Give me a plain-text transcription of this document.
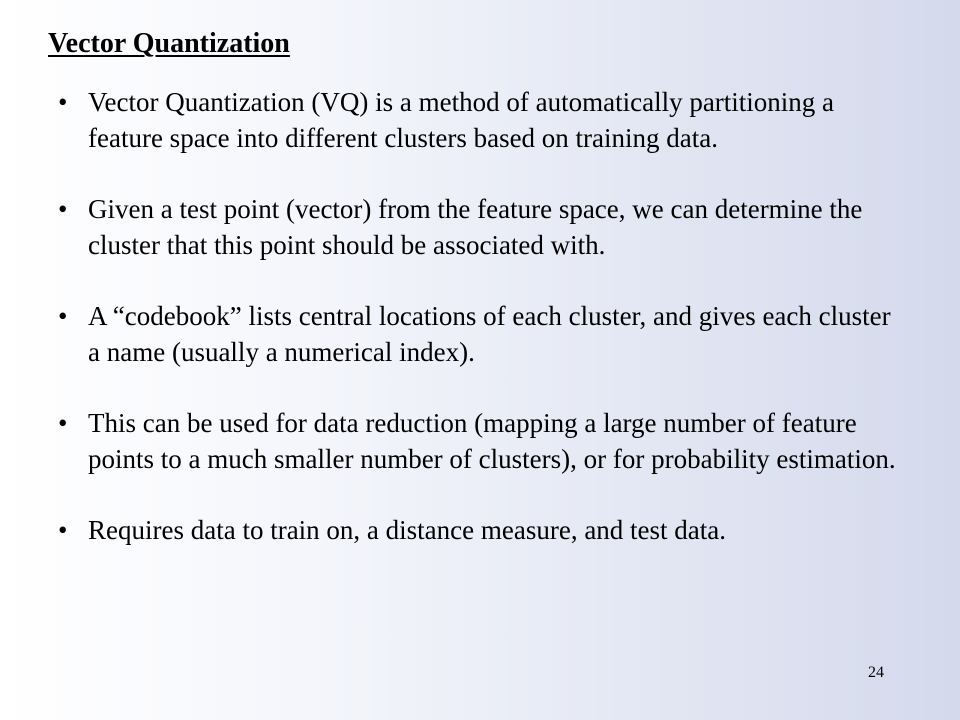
Vector Quantization
• Vector Quantization (VQ) is a method of automatically partitioning a feature space into different clusters based on training data.
• Given a test point (vector) from the feature space, we can determine the cluster that this point should be associated with.
• A “codebook” lists central locations of each cluster, and gives each cluster a name (usually a numerical index).
• This can be used for data reduction (mapping a large number of feature points to a much smaller number of clusters), or for probability estimation.
• Requires data to train on, a distance measure, and test data.
24
